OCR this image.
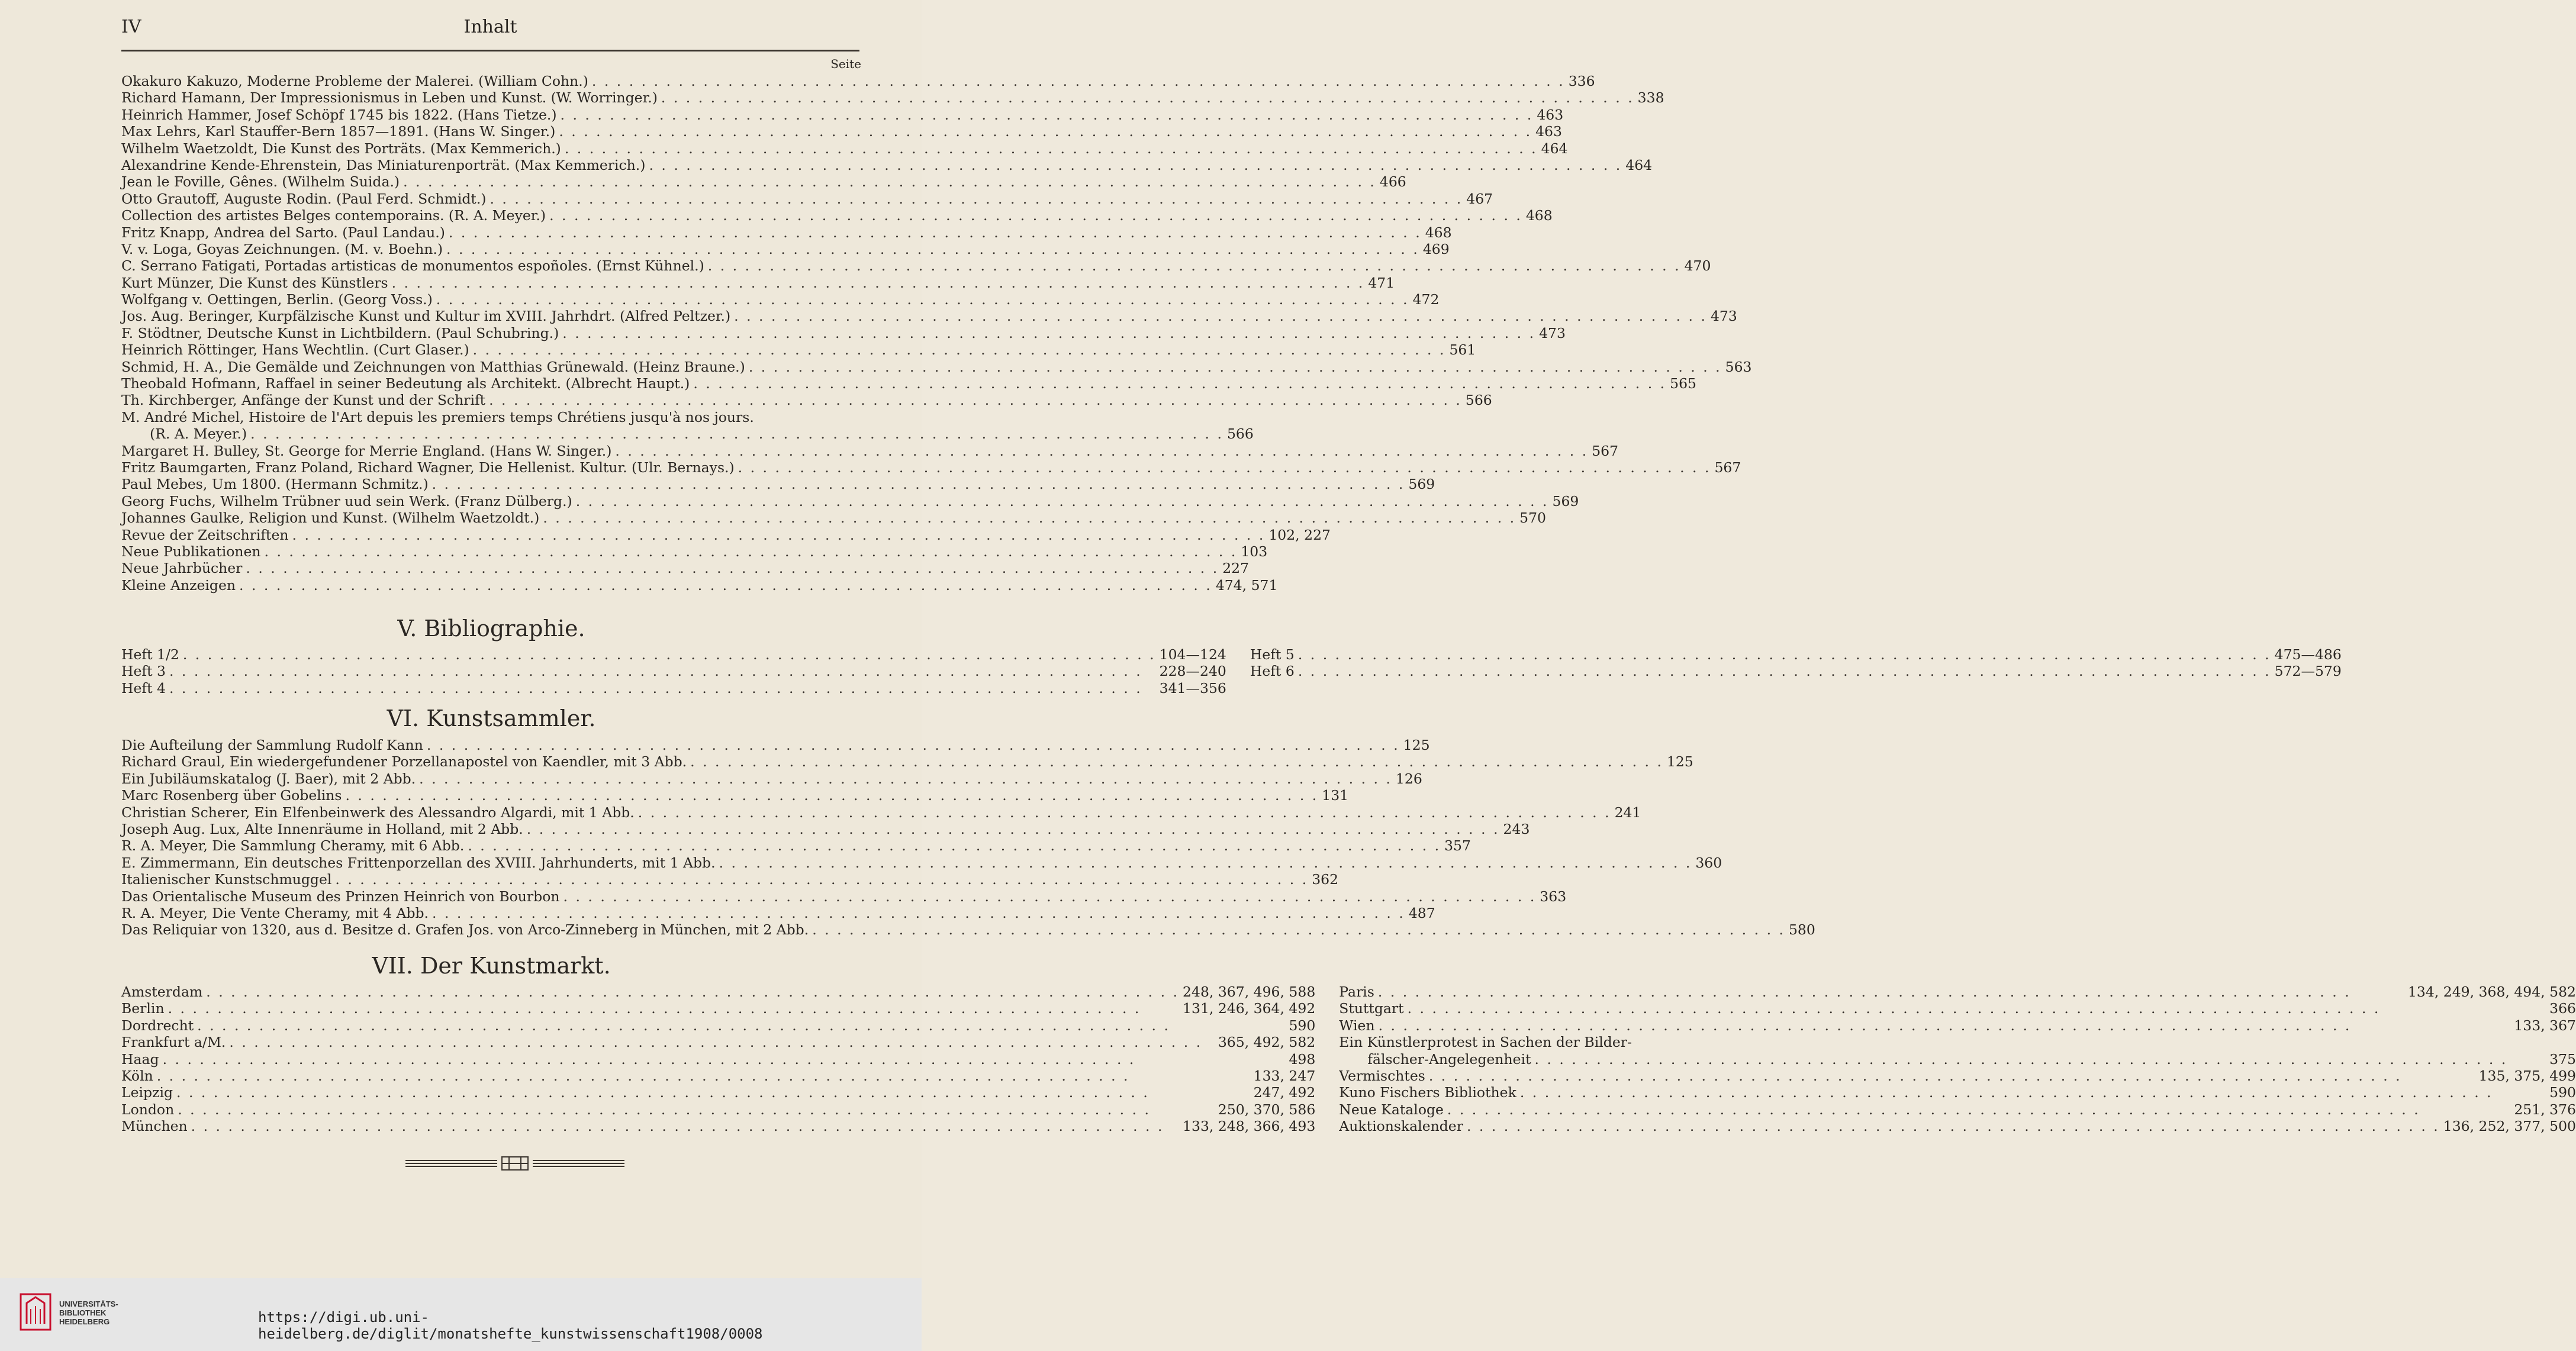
IV	Inhalt
Seite
Okakuro Kakuzo, Moderne Probleme der Malerei. (William Cohn.) . . .	336
Richard Hamann, Der Impressionismus in Leben und Kunst. (W. Worringer.) . . .	338
Heinrich Hammer, Josef Schöpf 1745 bis 1822. (Hans Tietze.) . . .	463
Max Lehrs, Karl Stauffer-Bern 1857—1891. (Hans W. Singer.) . . .	463
Wilhelm Waetzoldt, Die Kunst des Porträts. (Max Kemmerich.) . . .	464
Alexandrine Kende-Ehrenstein, Das Miniaturenporträt. (Max Kemmerich.) . . .	464
Jean le Foville, Gênes. (Wilhelm Suida.) . . .	466
Otto Grautoff, Auguste Rodin. (Paul Ferd. Schmidt.) . . .	467
Collection des artistes Belges contemporains. (R. A. Meyer.) . . .	468
Fritz Knapp, Andrea del Sarto. (Paul Landau.) . . .	468
V. v. Loga, Goyas Zeichnungen. (M. v. Boehn.) . . .	469
C. Serrano Fatigati, Portadas artisticas de monumentos espoñoles. (Ernst Kühnel.) . . .	470
Kurt Münzer, Die Kunst des Künstlers . . .	471
Wolfgang v. Oettingen, Berlin. (Georg Voss.) . . .	472
Jos. Aug. Beringer, Kurpfälzische Kunst und Kultur im XVIII. Jahrhdrt. (Alfred Peltzer.) . . .	473
F. Stödtner, Deutsche Kunst in Lichtbildern. (Paul Schubring.) . . .	473
Heinrich Röttinger, Hans Wechtlin. (Curt Glaser.) . . .	561
Schmid, H. A., Die Gemälde und Zeichnungen von Matthias Grünewald. (Heinz Braune.) . . .	563
Theobald Hofmann, Raffael in seiner Bedeutung als Architekt. (Albrecht Haupt.) . . .	565
Th. Kirchberger, Anfänge der Kunst und der Schrift . . .	566
M. André Michel, Histoire de l'Art depuis les premiers temps Chrétiens jusqu'à nos jours.
(R. A. Meyer.) . . .	566
Margaret H. Bulley, St. George for Merrie England. (Hans W. Singer.) . . .	567
Fritz Baumgarten, Franz Poland, Richard Wagner, Die Hellenist. Kultur. (Ulr. Bernays.) . . .	567
Paul Mebes, Um 1800. (Hermann Schmitz.) . . .	569
Georg Fuchs, Wilhelm Trübner uud sein Werk. (Franz Dülberg.) . . .	569
Johannes Gaulke, Religion und Kunst. (Wilhelm Waetzoldt.) . . .	570
Revue der Zeitschriften . . .	102, 227
Neue Publikationen . . .	103
Neue Jahrbücher . . .	227
Kleine Anzeigen . . .	474, 571
V. Bibliographie.
Heft 1/2 . . .	104—124
Heft 3 . . .	228—240
Heft 4 . . .	341—356
Heft 5 . . .	475—486
Heft 6 . . .	572—579
VI. Kunstsammler.
Die Aufteilung der Sammlung Rudolf Kann . . .	125
Richard Graul, Ein wiedergefundener Porzellanapostel von Kaendler, mit 3 Abb. . . .	125
Ein Jubiläumskatalog (J. Baer), mit 2 Abb. . . .	126
Marc Rosenberg über Gobelins . . .	131
Christian Scherer, Ein Elfenbeinwerk des Alessandro Algardi, mit 1 Abb. . . .	241
Joseph Aug. Lux, Alte Innenräume in Holland, mit 2 Abb. . . .	243
R. A. Meyer, Die Sammlung Cheramy, mit 6 Abb. . . .	357
E. Zimmermann, Ein deutsches Frittenporzellan des XVIII. Jahrhunderts, mit 1 Abb. . . .	360
Italienischer Kunstschmuggel . . .	362
Das Orientalische Museum des Prinzen Heinrich von Bourbon . . .	363
R. A. Meyer, Die Vente Cheramy, mit 4 Abb. . . .	487
Das Reliquiar von 1320, aus d. Besitze d. Grafen Jos. von Arco-Zinneberg in München, mit 2 Abb. . . .	580
VII. Der Kunstmarkt.
Amsterdam . . .	248, 367, 496, 588
Berlin . . .	131, 246, 364, 492
Dordrecht . . .	590
Frankfurt a/M. . . .	365, 492, 582
Haag . . .	498
Köln . . .	133, 247
Leipzig . . .	247, 492
London . . .	250, 370, 586
München . . .	133, 248, 366, 493
Paris . . .	134, 249, 368, 494, 582
Stuttgart . . .	366
Wien . . .	133, 367
Ein Künstlerprotest in Sachen der Bilder-
fälscher-Angelegenheit . . .	375
Vermischtes . . .	135, 375, 499
Kuno Fischers Bibliothek . . .	590
Neue Kataloge . . .	251, 376
Auktionskalender . . .	136, 252, 377, 500
UNIVERSITÄTS-
BIBLIOTHEK
HEIDELBERG	https://digi.ub.uni-heidelberg.de/diglit/monatshefte_kunstwissenschaft1908/0008
